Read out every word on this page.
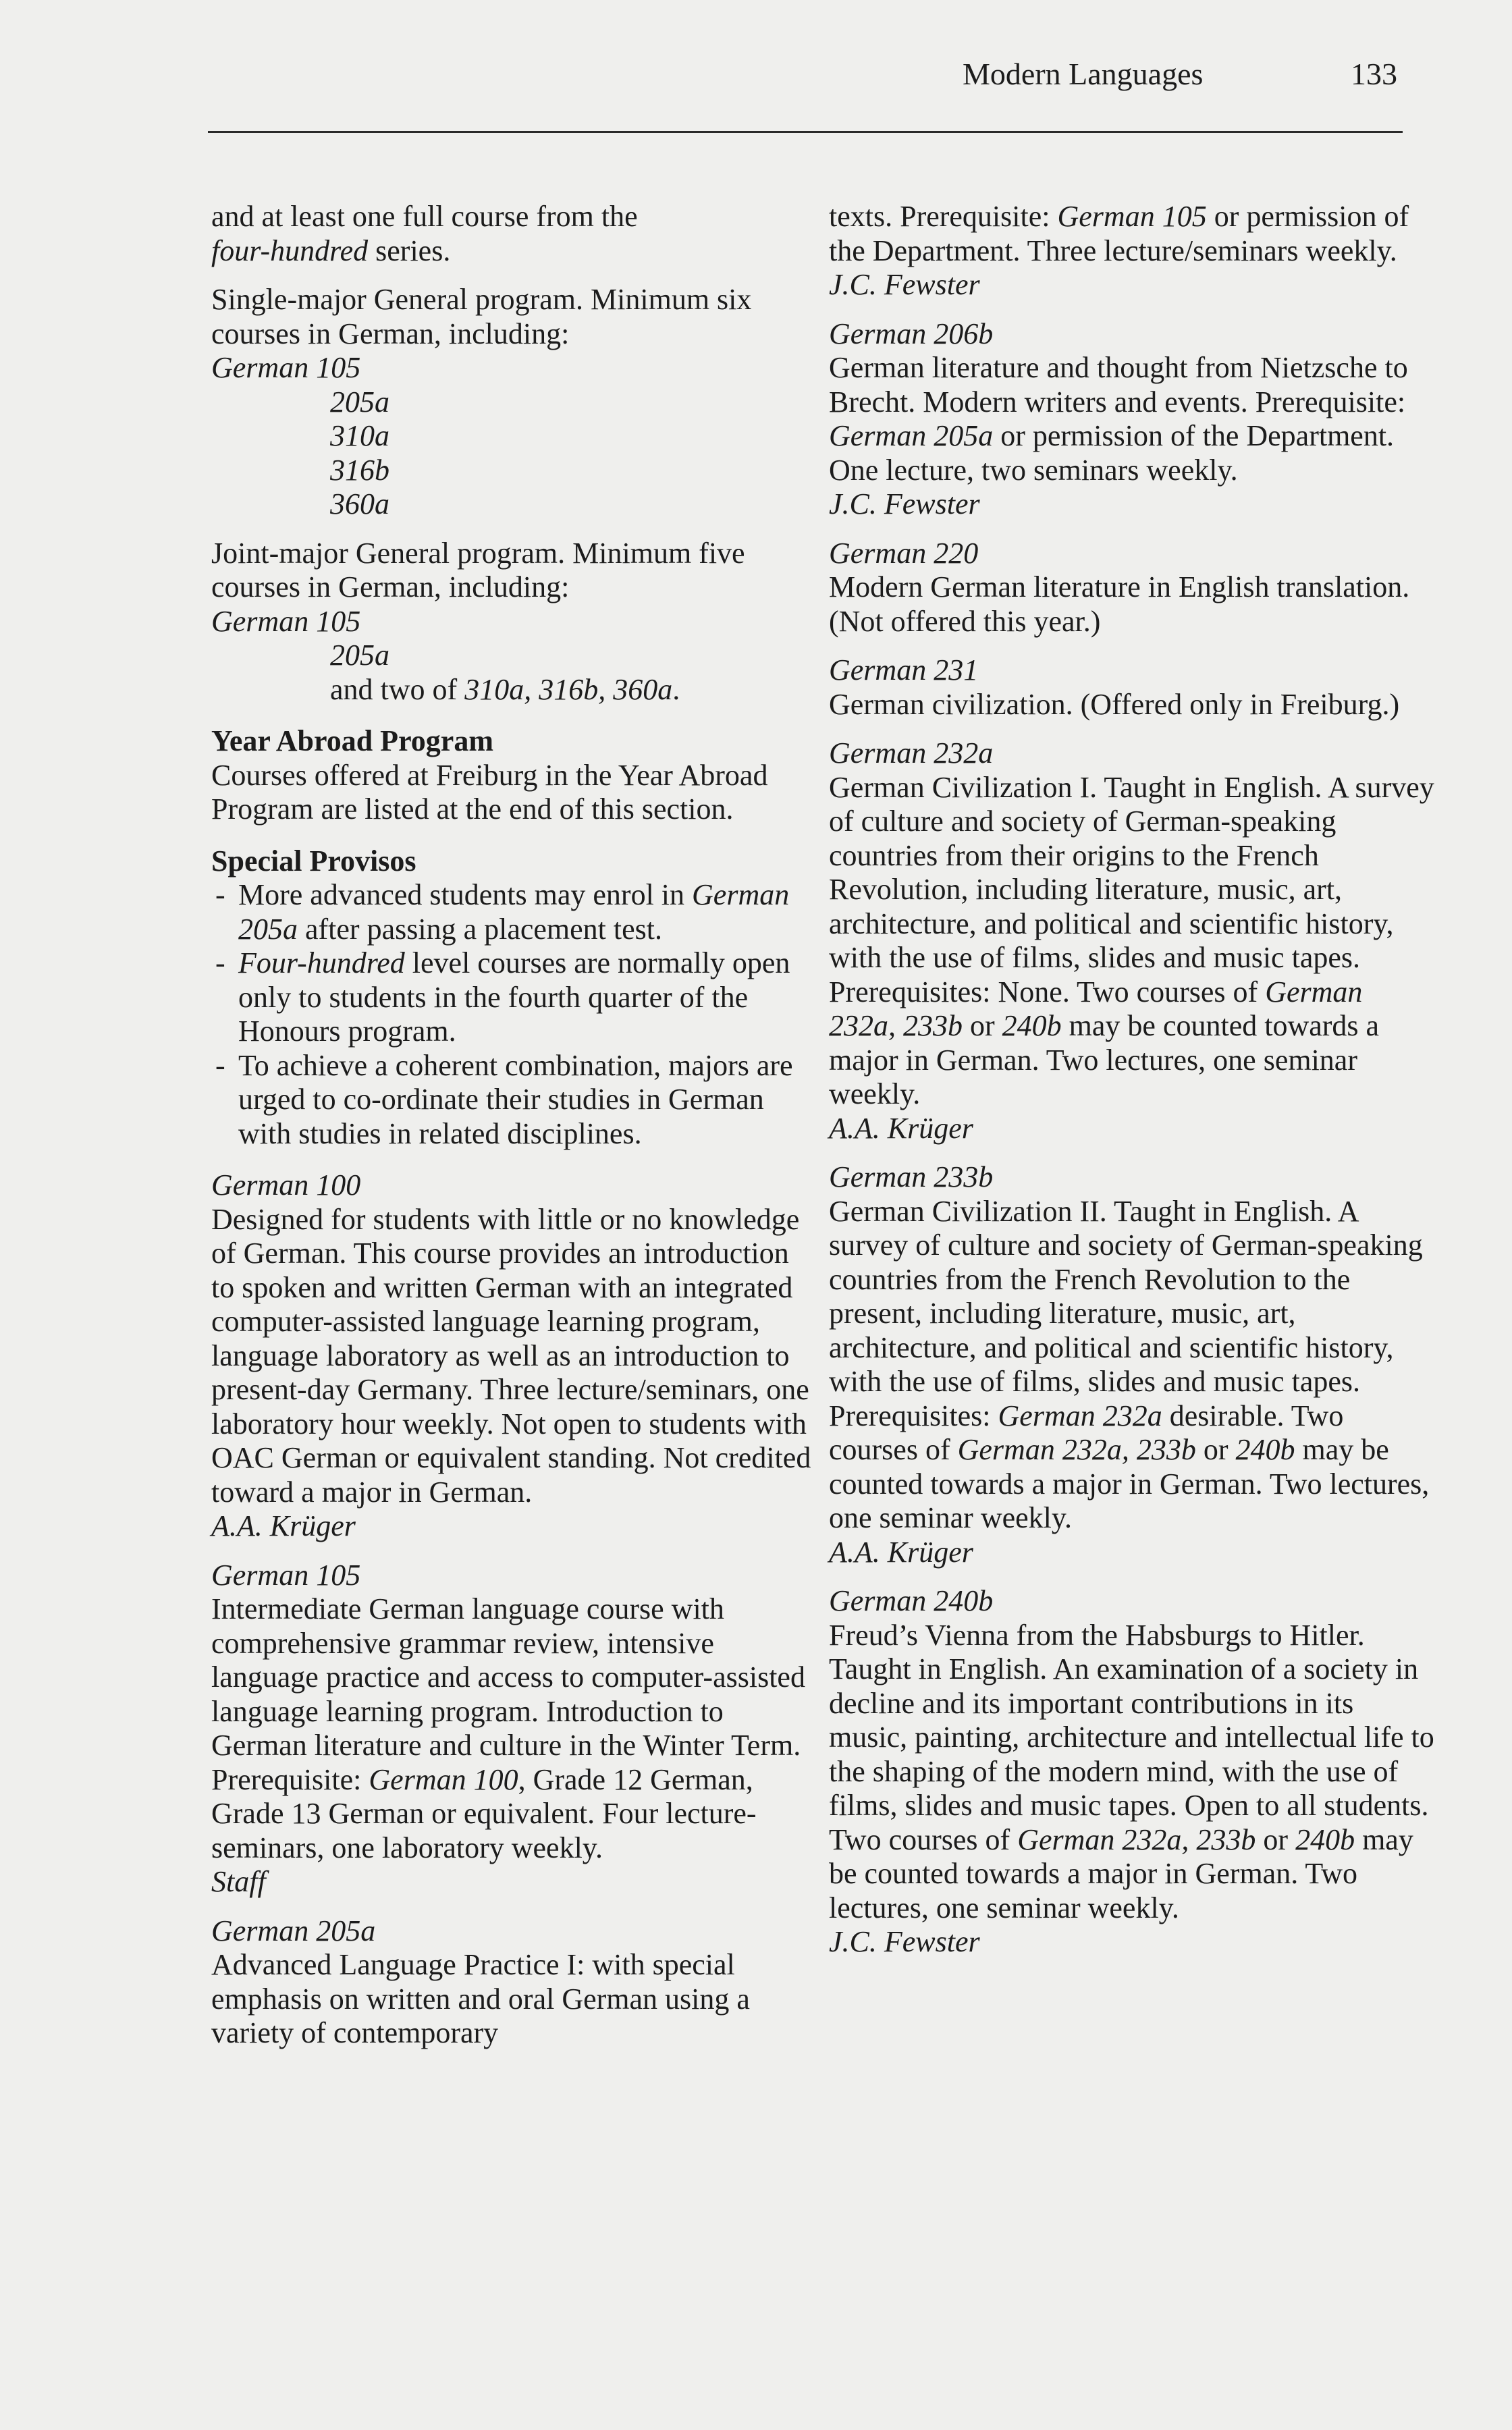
Modern Languages	133

and at least one full course from the
four-hundred series.

Single-major General program. Minimum six courses in German, including:

German 105
205a
310a
316b
360a

Joint-major General program. Minimum five courses in German, including:

German 105
205a
and two of 310a, 316b, 360a.
Year Abroad Program

Courses offered at Freiburg in the Year Abroad Program are listed at the end of this section.

Special Provisos
- More advanced students may enrol in German 205a after passing a placement test.
- Four-hundred level courses are normally open only to students in the fourth quarter of the Honours program.
- To achieve a coherent combination, majors are urged to co-ordinate their studies in German with studies in related disciplines.
German 100

Designed for students with little or no knowledge of German. This course provides an introduction to spoken and written German with an integrated computer-assisted language learning program, language laboratory as well as an introduction to present-day Germany. Three lecture/seminars, one laboratory hour weekly. Not open to students with OAC German or equivalent standing. Not credited toward a major in German.

A.A. Krüger
German 105

Intermediate German language course with comprehensive grammar review, intensive language practice and access to computer-assisted language learning program. Introduction to German literature and culture in the Winter Term. Prerequisite: German 100, Grade 12 German, Grade 13 German or equivalent. Four lecture-seminars, one laboratory weekly.

Staff
German 205a

Advanced Language Practice I: with special emphasis on written and oral German using a variety of contemporary

texts. Prerequisite: German 105 or permission of the Department. Three lecture/seminars weekly.

J.C. Fewster
German 206b

German literature and thought from Nietzsche to Brecht. Modern writers and events. Prerequisite: German 205a or permission of the Department. One lecture, two seminars weekly.

J.C. Fewster
German 220

Modern German literature in English translation. (Not offered this year.)

German 231

German civilization. (Offered only in Freiburg.)

German 232a

German Civilization I. Taught in English. A survey of culture and society of German-speaking countries from their origins to the French Revolution, including literature, music, art, architecture, and political and scientific history, with the use of films, slides and music tapes. Prerequisites: None. Two courses of German 232a, 233b or 240b may be counted towards a major in German. Two lectures, one seminar weekly.

A.A. Krüger
German 233b

German Civilization II. Taught in English. A survey of culture and society of German-speaking countries from the French Revolution to the present, including literature, music, art, architecture, and political and scientific history, with the use of films, slides and music tapes. Prerequisites: German 232a desirable. Two courses of German 232a, 233b or 240b may be counted towards a major in German. Two lectures, one seminar weekly.

A.A. Krüger
German 240b

Freud’s Vienna from the Habsburgs to Hitler. Taught in English. An examination of a society in decline and its important contributions in its music, painting, architecture and intellectual life to the shaping of the modern mind, with the use of films, slides and music tapes. Open to all students. Two courses of German 232a, 233b or 240b may be counted towards a major in German. Two lectures, one seminar weekly.

J.C. Fewster
